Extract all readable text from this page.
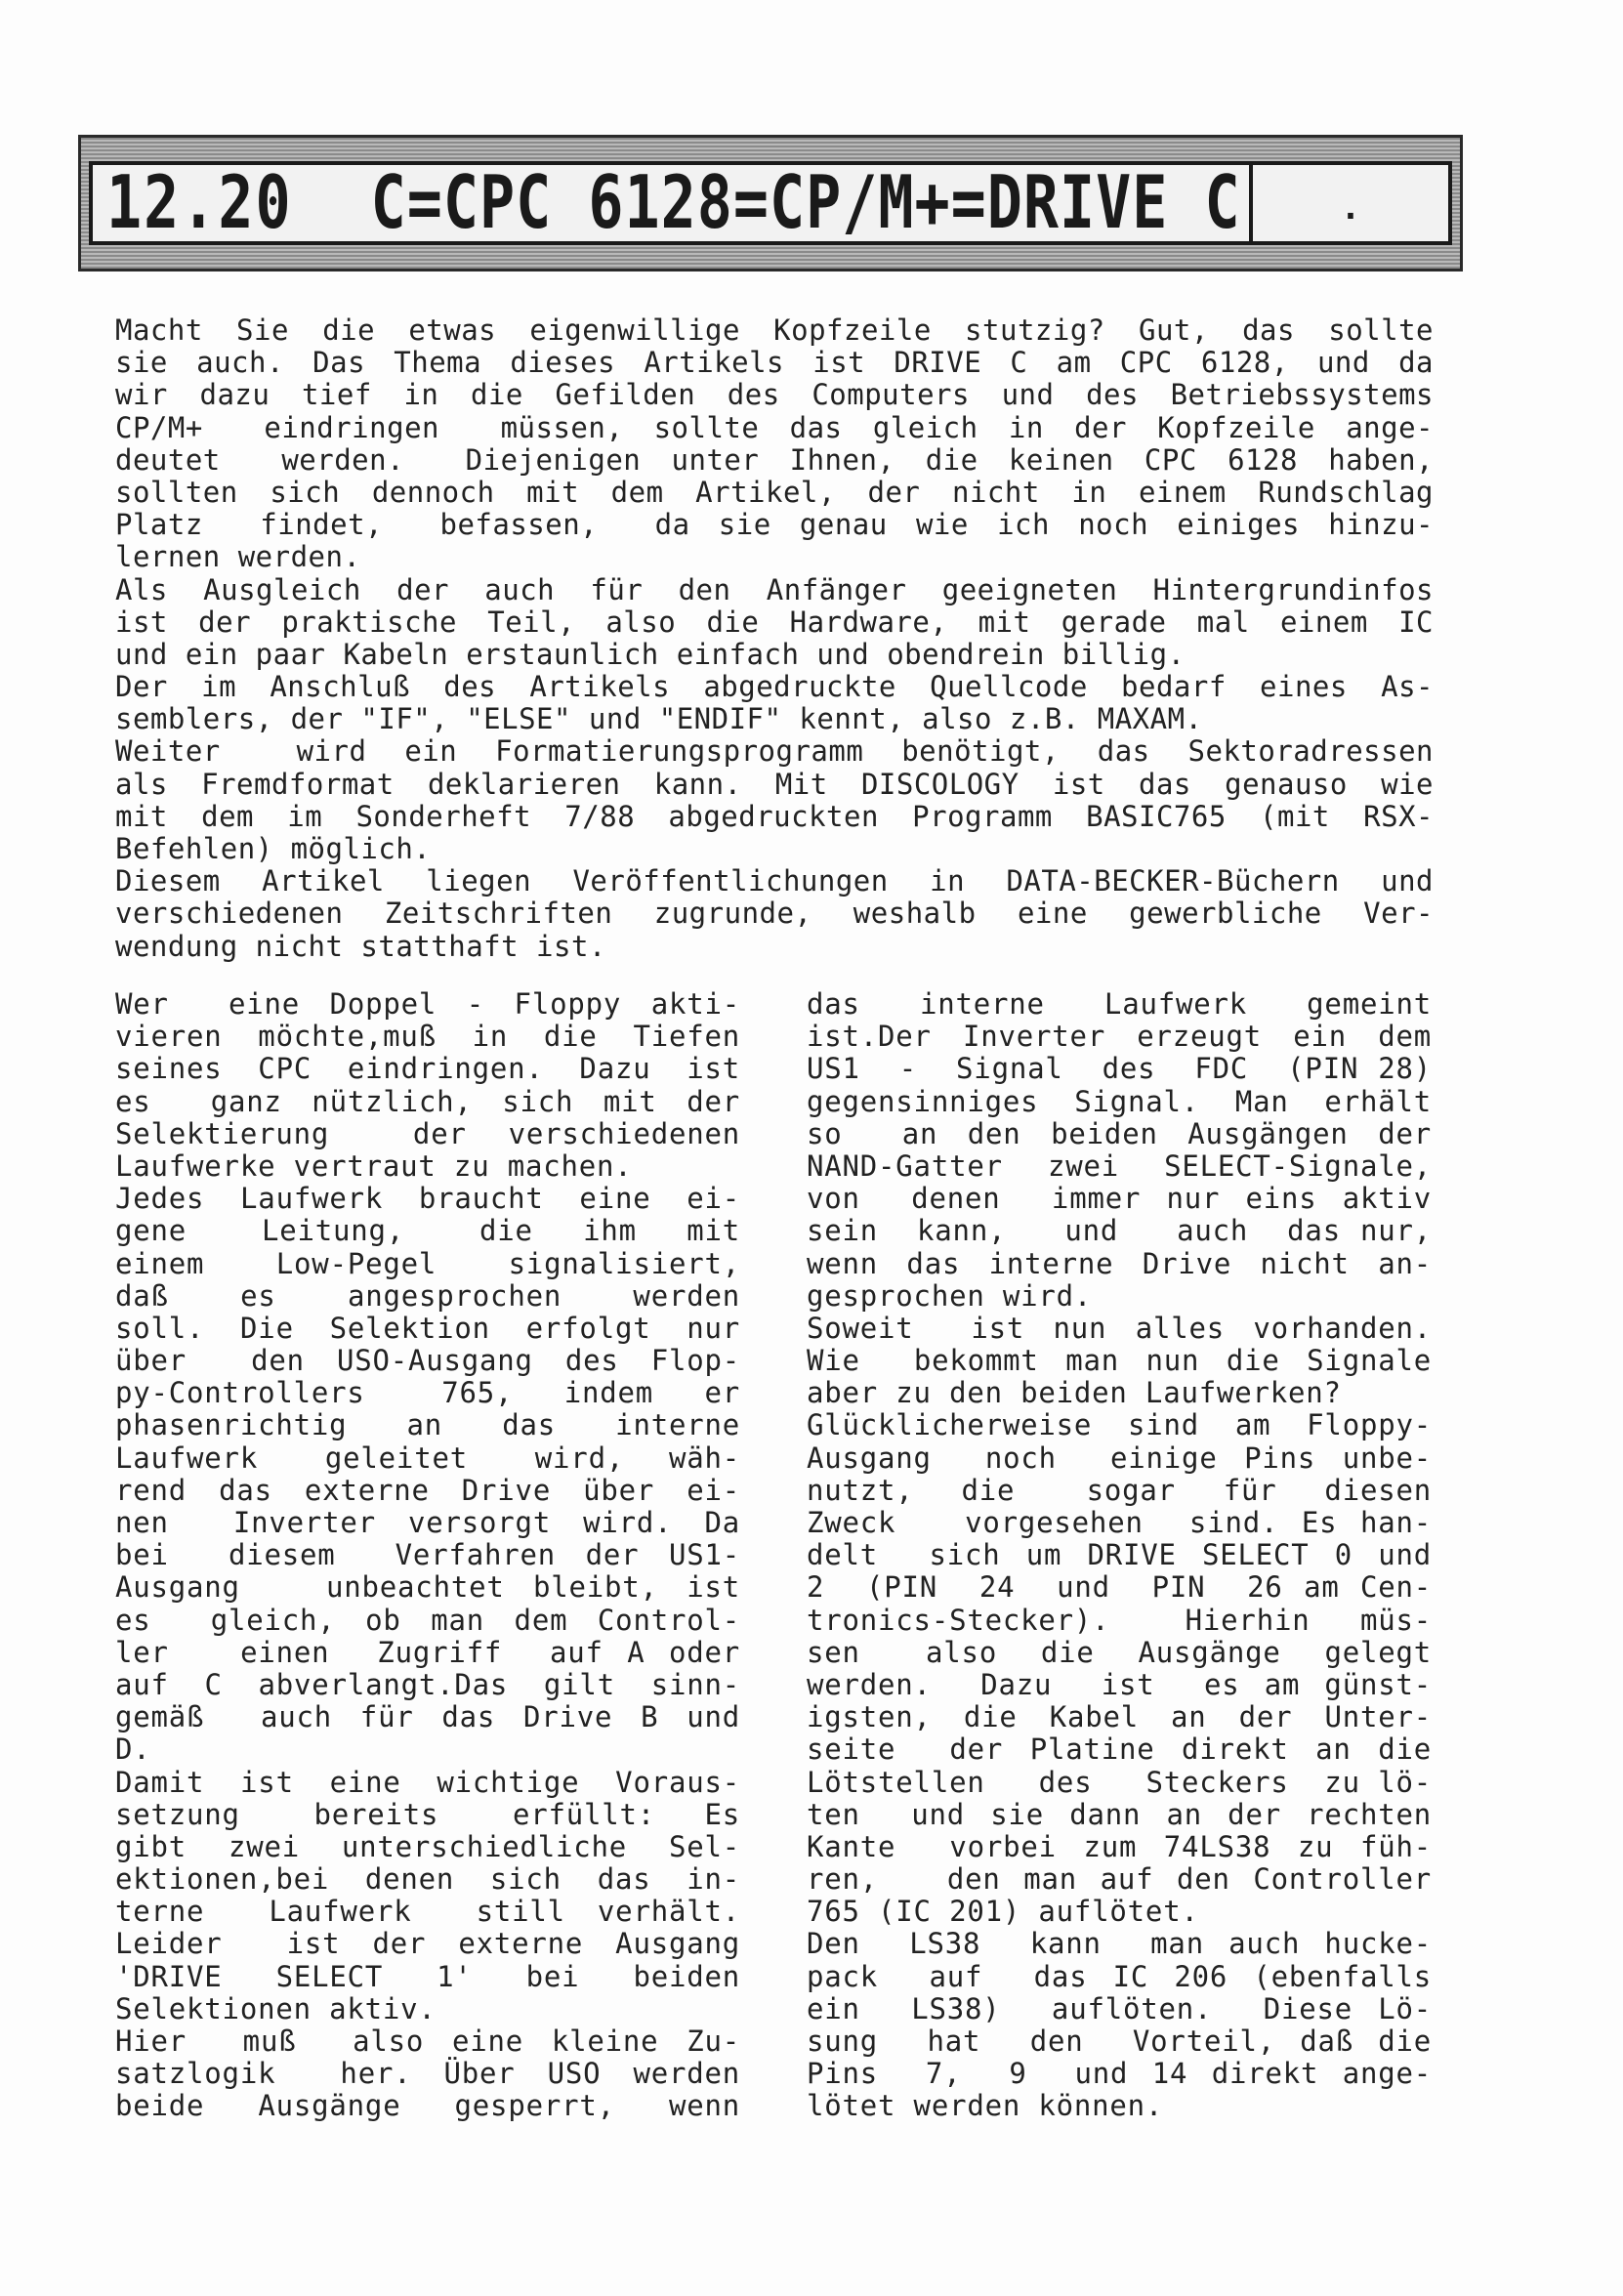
12.20 C=CPC 6128=CP/M+=DRIVE C	.
Macht Sie die etwas eigenwillige Kopfzeile stutzig? Gut, das sollte
sie auch. Das Thema dieses Artikels ist DRIVE C am CPC 6128, und da
wir dazu tief in die Gefilden des Computers und des Betriebssystems
CP/M+  eindringen  müssen, sollte das gleich in der Kopfzeile ange-
deutet  werden.  Diejenigen unter Ihnen, die keinen CPC 6128 haben,
sollten sich dennoch mit dem Artikel, der nicht in einem Rundschlag
Platz  findet,  befassen,  da sie genau wie ich noch einiges hinzu-
lernen werden.
Als Ausgleich der auch für den Anfänger geeigneten Hintergrundinfos
ist der praktische Teil, also die Hardware, mit gerade mal einem IC
und ein paar Kabeln erstaunlich einfach und obendrein billig.
Der im Anschluß des Artikels abgedruckte Quellcode bedarf eines As-
semblers, der "IF", "ELSE" und "ENDIF" kennt, also z.B. MAXAM.
Weiter  wird ein Formatierungsprogramm benötigt, das Sektoradressen
als Fremdformat deklarieren kann. Mit DISCOLOGY ist das genauso wie
mit dem im Sonderheft 7/88 abgedruckten Programm BASIC765 (mit RSX-
Befehlen) möglich.
Diesem Artikel liegen Veröffentlichungen in DATA-BECKER-Büchern und
verschiedenen Zeitschriften zugrunde, weshalb eine gewerbliche Ver-
wendung nicht statthaft ist.
Wer  eine Doppel - Floppy akti-
vieren möchte,muß in die Tiefen
seines CPC eindringen. Dazu ist
es  ganz nützlich, sich mit der
Selektierung  der verschiedenen
Laufwerke vertraut zu machen.
Jedes Laufwerk braucht eine ei-
gene   Leitung,   die  ihm  mit
einem  Low-Pegel  signalisiert,
daß   es   angesprochen   werden
soll. Die Selektion erfolgt nur
über  den USO-Ausgang des Flop-
py-Controllers   765,  indem  er
phasenrichtig  an  das  interne
Laufwerk   geleitet   wird,  wäh-
rend das externe Drive über ei-
nen  Inverter versorgt wird. Da
bei  diesem  Verfahren der US1-
Ausgang   unbeachtet bleibt, ist
es  gleich, ob man dem Control-
ler   einen  Zugriff  auf A oder
auf C abverlangt.Das gilt sinn-
gemäß  auch für das Drive B und
D.
Damit ist eine wichtige Voraus-
setzung   bereits   erfüllt:  Es
gibt zwei unterschiedliche Sel-
ektionen,bei denen sich das in-
terne  Laufwerk  still verhält.
Leider  ist der externe Ausgang
'DRIVE  SELECT  1'  bei  beiden
Selektionen aktiv.
Hier  muß  also eine kleine Zu-
satzlogik  her. Über USO werden
beide  Ausgänge  gesperrt,  wenn
das   interne   Laufwerk   gemeint
ist.Der Inverter erzeugt ein dem
US1  -  Signal  des  FDC  (PIN 28)
gegensinniges Signal. Man erhält
so  an den beiden Ausgängen der
NAND-Gatter zwei SELECT-Signale,
von  denen  immer nur eins aktiv
sein  kann,   und   auch  das nur,
wenn das interne Drive nicht an-
gesprochen wird.
Soweit  ist nun alles vorhanden.
Wie  bekommt man nun die Signale
aber zu den beiden Laufwerken?
Glücklicherweise sind am Floppy-
Ausgang  noch  einige Pins unbe-
nutzt,  die   sogar  für  diesen
Zweck   vorgesehen  sind. Es han-
delt  sich um DRIVE SELECT 0 und
2  (PIN  24  und  PIN  26 am Cen-
tronics-Stecker).   Hierhin  müs-
sen   also  die  Ausgänge  gelegt
werden.  Dazu  ist  es am günst-
igsten, die Kabel an der Unter-
seite  der Platine direkt an die
Lötstellen   des   Steckers  zu lö-
ten  und sie dann an der rechten
Kante  vorbei zum 74LS38 zu füh-
ren,   den man auf den Controller
765 (IC 201) auflötet.
Den  LS38  kann  man auch hucke-
pack  auf  das IC 206 (ebenfalls
ein  LS38)  auflöten.  Diese Lö-
sung  hat  den  Vorteil, daß die
Pins  7,  9  und 14 direkt ange-
lötet werden können.
